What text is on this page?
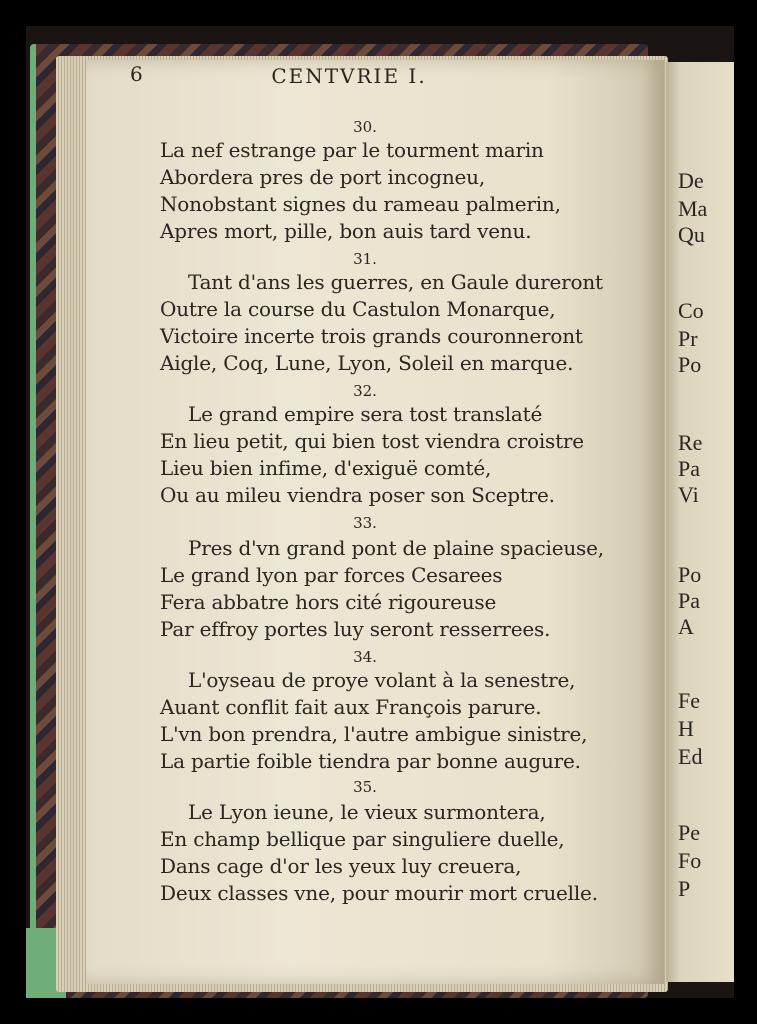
6	CENTVRIE I.
30.
La nef estrange par le tourment marin
Abordera pres de port incogneu,
Nonobstant signes du rameau palmerin,
Apres mort, pille, bon auis tard venu.
31.
Tant d'ans les guerres, en Gaule dureront
Outre la course du Castulon Monarque,
Victoire incerte trois grands couronneront
Aigle, Coq, Lune, Lyon, Soleil en marque.
32.
Le grand empire sera tost translaté
En lieu petit, qui bien tost viendra croistre
Lieu bien infime, d'exiguë comté,
Ou au mileu viendra poser son Sceptre.
33.
Pres d'vn grand pont de plaine spacieuse,
Le grand lyon par forces Cesarees
Fera abbatre hors cité rigoureuse
Par effroy portes luy seront resserrees.
34.
L'oyseau de proye volant à la senestre,
Auant conflit fait aux François parure.
L'vn bon prendra, l'autre ambigue sinistre,
La partie foible tiendra par bonne augure.
35.
Le Lyon ieune, le vieux surmontera,
En champ bellique par singuliere duelle,
Dans cage d'or les yeux luy creuera,
Deux classes vne, pour mourir mort cruelle.
De
Ma
Qu
Co
Pr
Po
Re
Pa
Vi
Po
Pa
A
Fe
H
Ed
Pe
Fo
P
